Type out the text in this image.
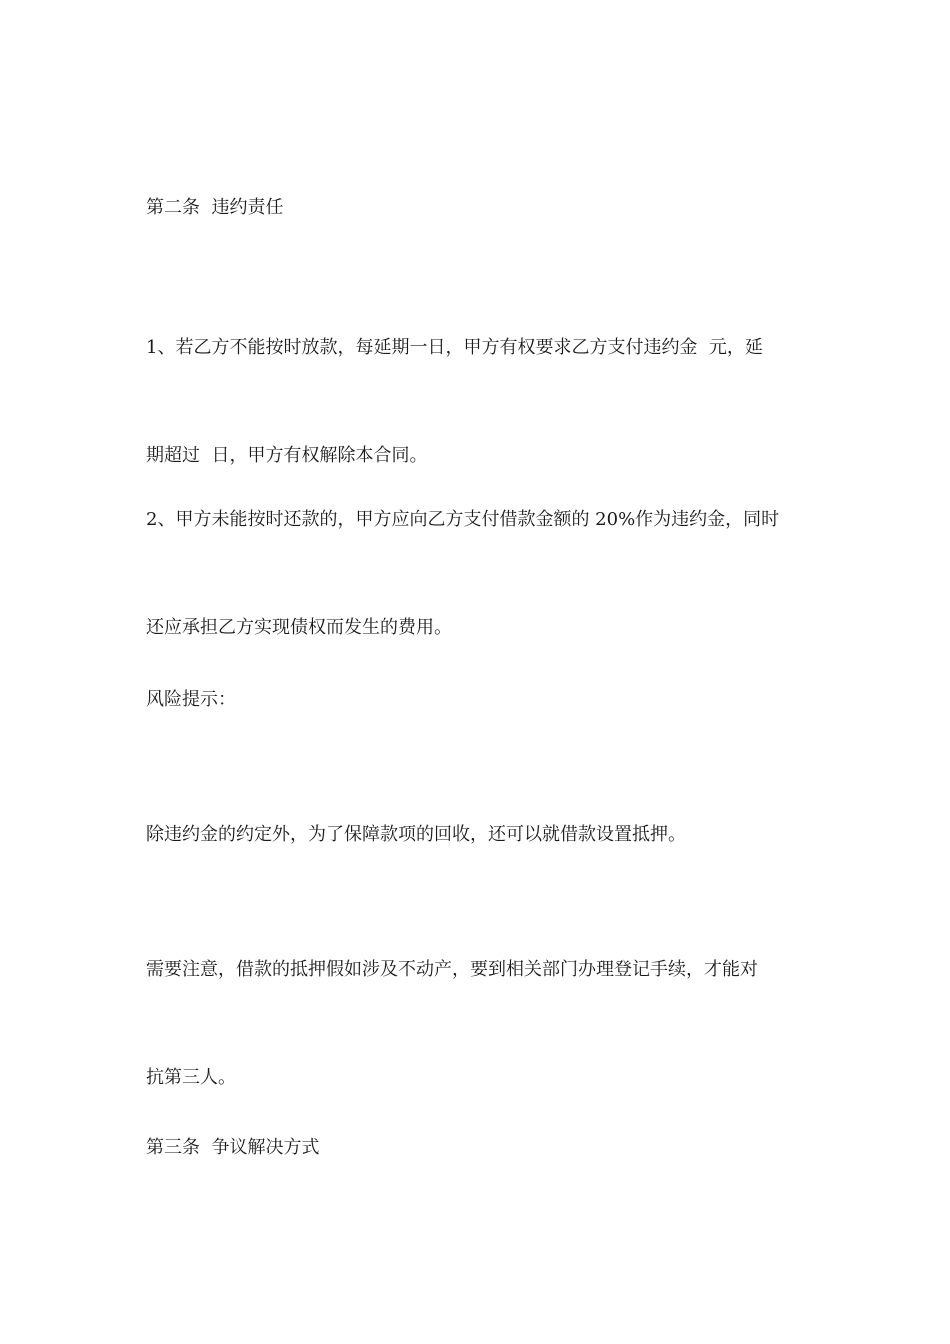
第二条  违约责任

1、若乙方不能按时放款，每延期一日，甲方有权要求乙方支付违约金  元，延

期超过  日，甲方有权解除本合同。

2、甲方未能按时还款的，甲方应向乙方支付借款金额的 20%作为违约金，同时

还应承担乙方实现债权而发生的费用。

风险提示：

除违约金的约定外，为了保障款项的回收，还可以就借款设置抵押。

需要注意，借款的抵押假如涉及不动产，要到相关部门办理登记手续，才能对

抗第三人。

第三条  争议解决方式
